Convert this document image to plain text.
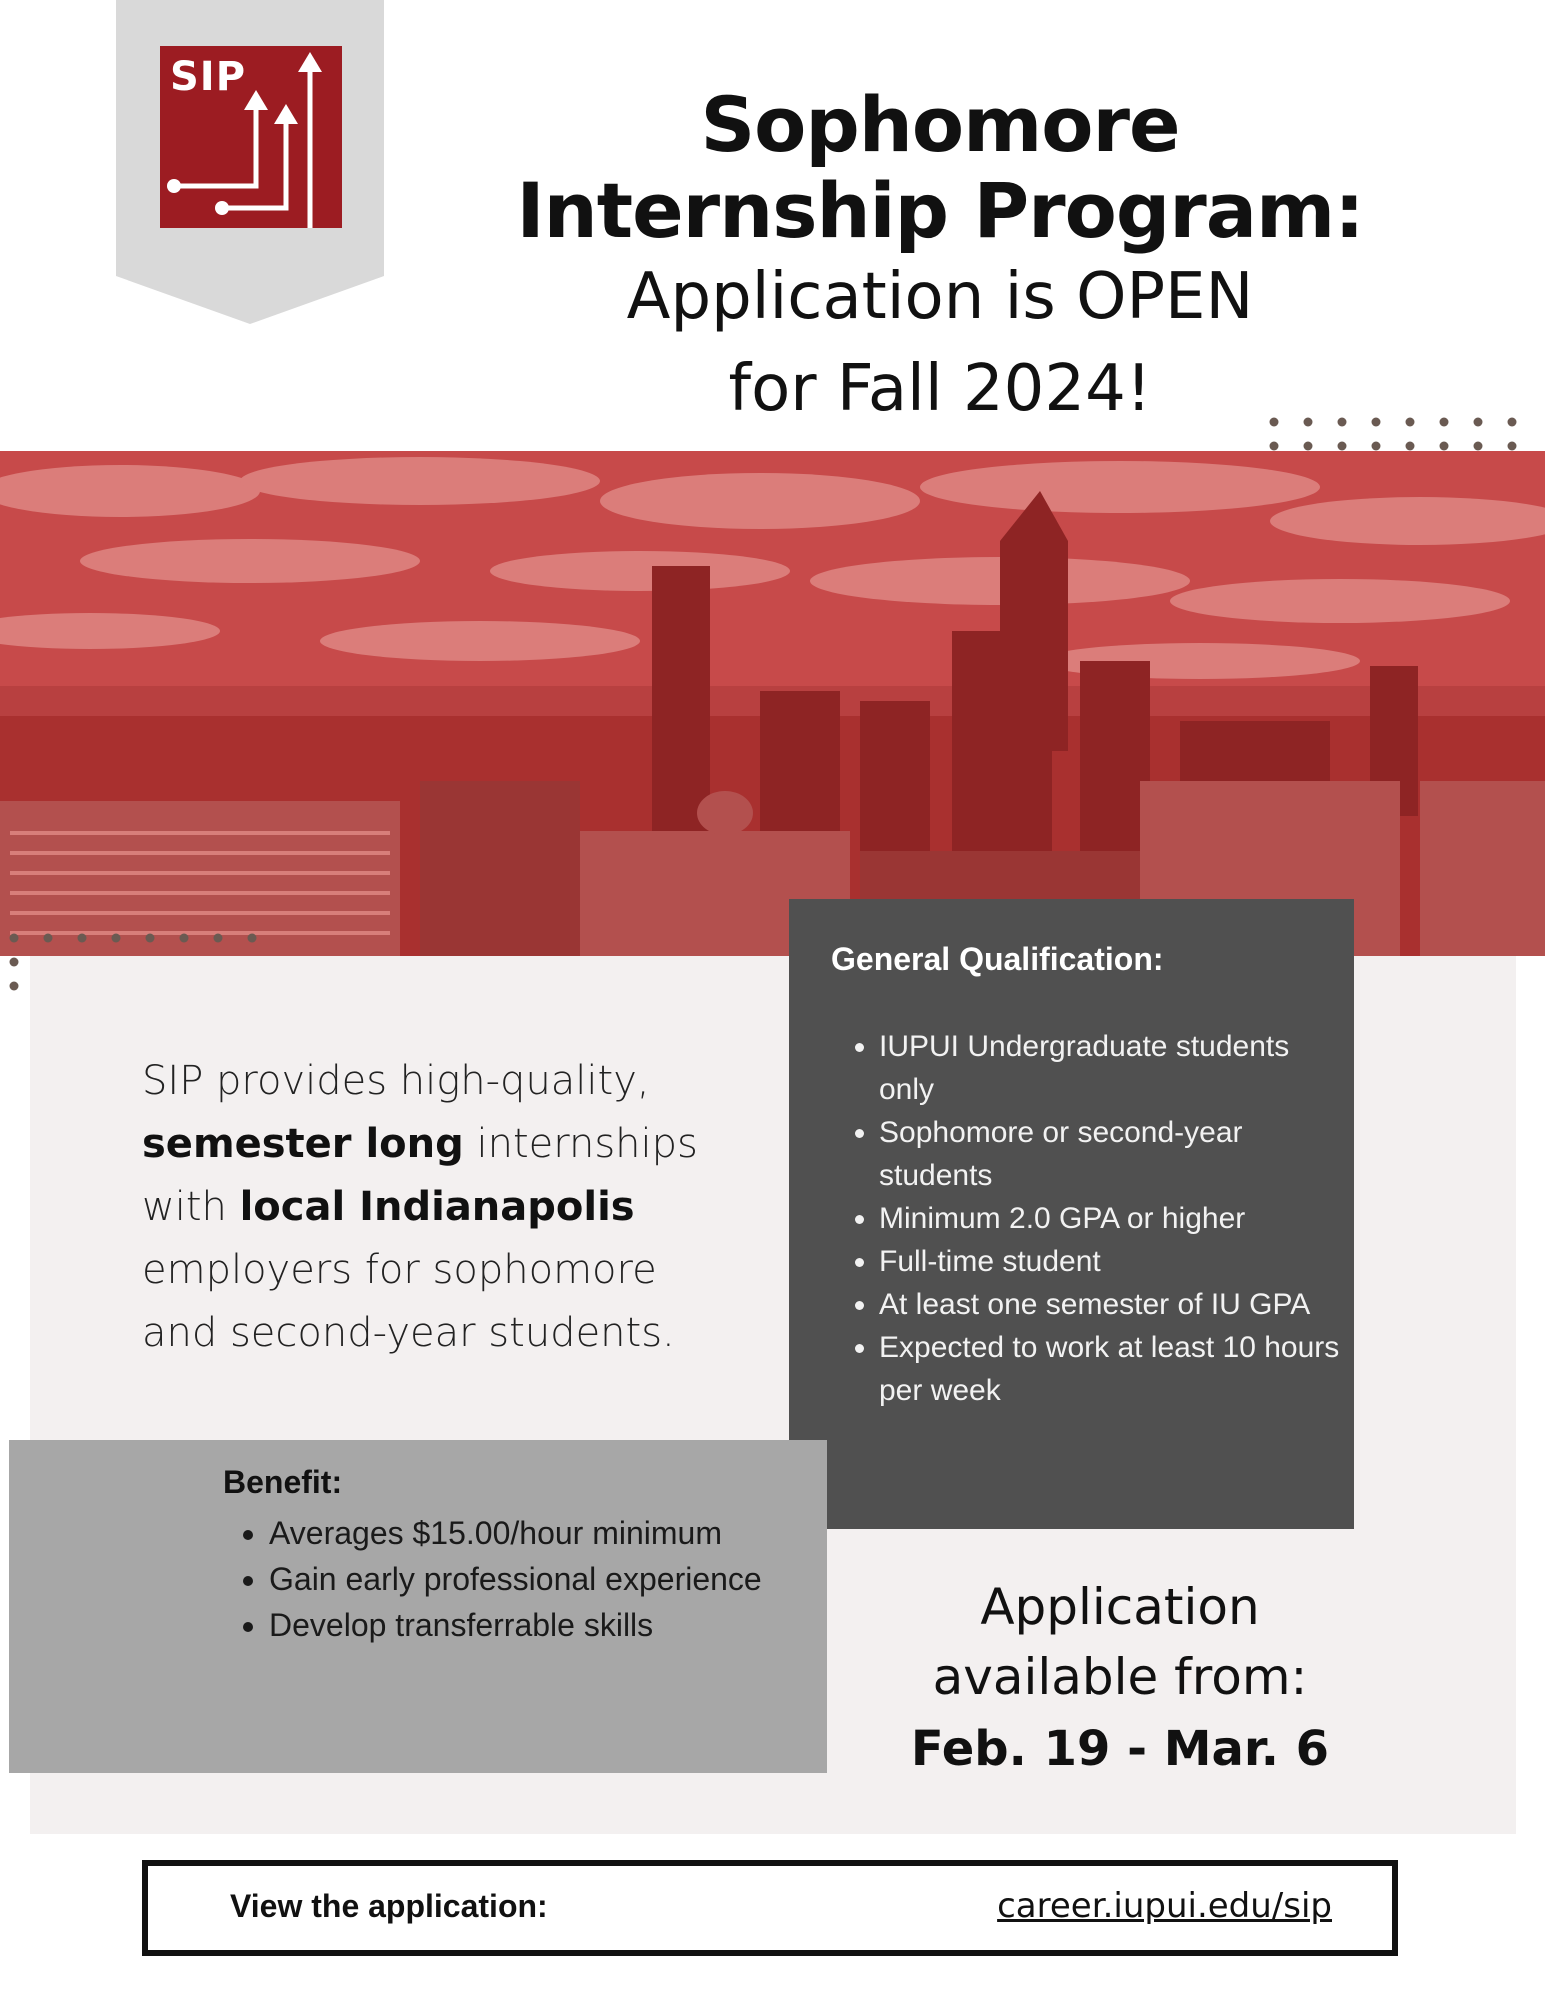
SIP
Sophomore
Internship Program:
Application is OPEN
for Fall 2024!
SIP provides high-quality,
semester long internships with local Indianapolis employers for sophomore and second-year students.
General Qualification:
• IUPUI Undergraduate students only
• Sophomore or second-year students
• Minimum 2.0 GPA or higher
• Full-time student
• At least one semester of IU GPA
• Expected to work at least 10 hours per week
Benefit:
• Averages $15.00/hour minimum
• Gain early professional experience
• Develop transferrable skills	Application
available from:
Feb. 19 - Mar. 6
View the application:	career.iupui.edu/sip
